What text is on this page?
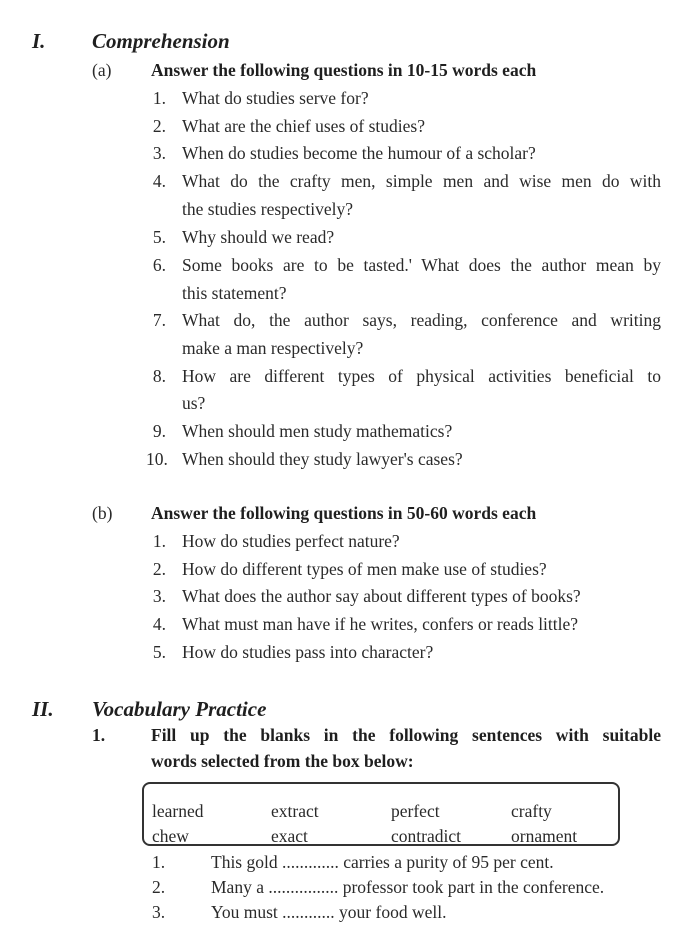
I. Comprehension
(a) Answer the following questions in 10-15 words each
1. What do studies serve for?
2. What are the chief uses of studies?
3. When do studies become the humour of a scholar?
4. What do the crafty men, simple men and wise men do with
the studies respectively?
5. Why should we read?
6. Some books are to be tasted.' What does the author mean by
this statement?
7. What do, the author says, reading, conference and writing
make a man respectively?
8. How are different types of physical activities beneficial to
us?
9. When should men study mathematics?
10. When should they study lawyer's cases?
(b) Answer the following questions in 50-60 words each
1. How do studies perfect nature?
2. How do different types of men make use of studies?
3. What does the author say about different types of books?
4. What must man have if he writes, confers or reads little?
5. How do studies pass into character?
II. Vocabulary Practice
1.	Fill up the blanks in the following sentences with suitable
words selected from the box below:
learned	extract	perfect	crafty
chew	exact	contradict	ornament
1.	This gold ............. carries a purity of 95 per cent.
2.	Many a ................ professor took part in the conference.
3.	You must ............ your food well.
